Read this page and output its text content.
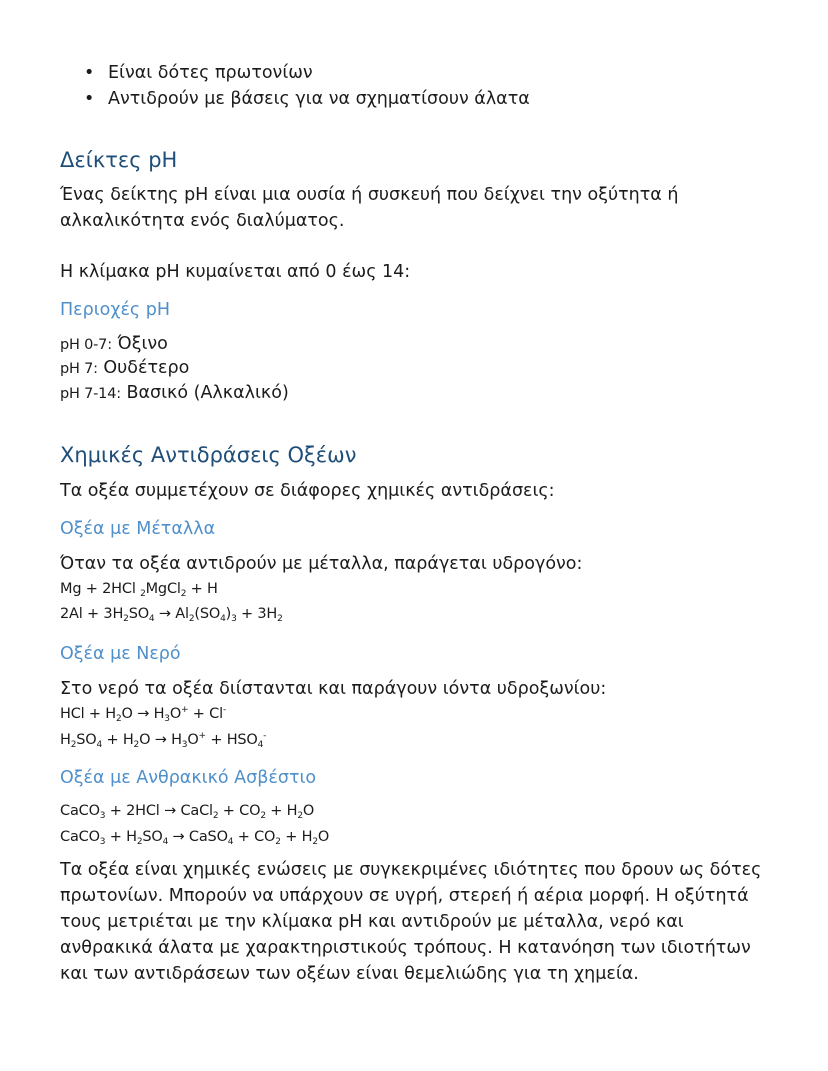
• Είναι δότες πρωτονίων
• Αντιδρούν με βάσεις για να σχηματίσουν άλατα
Δείκτες pH
Ένας δείκτης pH είναι μια ουσία ή συσκευή που δείχνει την οξύτητα ή
αλκαλικότητα ενός διαλύματος.
Η κλίμακα pH κυμαίνεται από 0 έως 14:
Περιοχές pH
pH 0-7: Όξινο
pH 7: Ουδέτερο
pH 7-14: Βασικό (Αλκαλικό)
Χημικές Αντιδράσεις Οξέων
Τα οξέα συμμετέχουν σε διάφορες χημικές αντιδράσεις:
Οξέα με Μέταλλα
Όταν τα οξέα αντιδρούν με μέταλλα, παράγεται υδρογόνο:
Mg + 2HCl $_2$MgCl$_2$ + H
$2Al + 3H_2SO_4 \to Al_2(SO_4)_3 + 3H_2$
Οξέα με Νερό
Στο νερό τα οξέα διίστανται και παράγουν ιόντα υδροξωνίου:
HCl + $H_2O \to H_3O^+ + Cl^-$
$H_2SO_4 + H_2O \to H_3O^+ + HSO_4^-$
Οξέα με Ανθρακικό Ασβέστιο
CaCO$_3$ + 2HCl → CaCl$_2$ + $CO_2 + H_2O$
CaCO$_3$ + $H_2SO_4$ → CaSO$_4$ + $CO_2 + H_2O$
Τα οξέα είναι χημικές ενώσεις με συγκεκριμένες ιδιότητες που δρουν ως δότες πρωτονίων. Μπορούν να υπάρχουν σε υγρή, στερεή ή αέρια μορφή. Η οξύτητά τους μετριέται με την κλίμακα pH και αντιδρούν με μέταλλα, νερό και ανθρακικά άλατα με χαρακτηριστικούς τρόπους. Η κατανόηση των ιδιοτήτων και των αντιδράσεων των οξέων είναι θεμελιώδης για τη χημεία.
